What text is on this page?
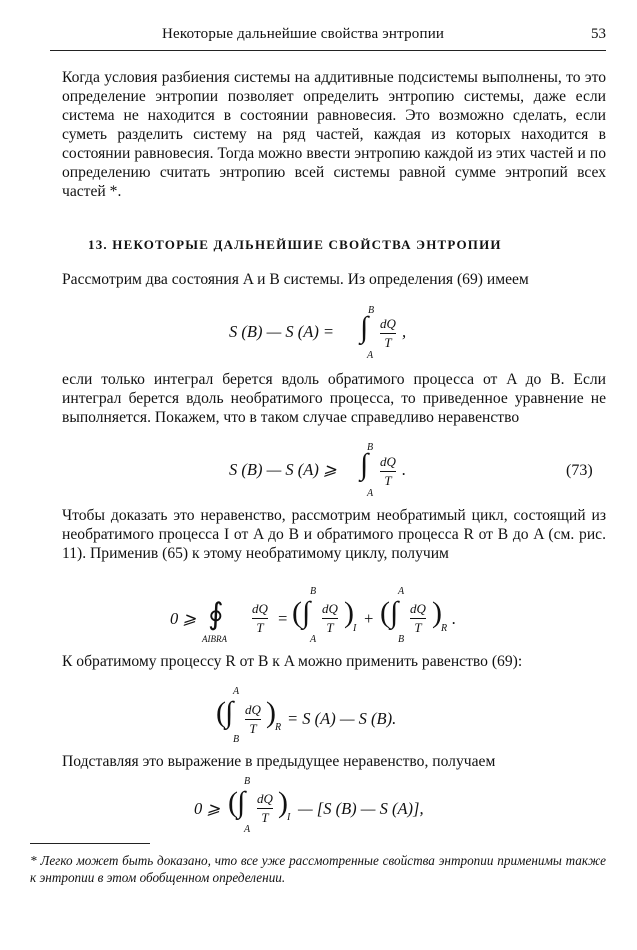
Некоторые дальнейшие свойства энтропии	53
Когда условия разбиения системы на аддитивные подсистемы выполнены, то это определение энтропии позволяет определить энтропию системы, даже если система не находится в состоянии равновесия. Это возможно сделать, если суметь разделить систему на ряд частей, каждая из которых находится в состоянии равновесия. Тогда можно ввести энтропию каждой из этих частей и по определению считать энтропию всей системы равной сумме энтропий всех частей *.
13. НЕКОТОРЫЕ ДАЛЬНЕЙШИЕ СВОЙСТВА ЭНТРОПИИ
Рассмотрим два состояния A и B системы. Из определения (69) имеем
S (B) — S (A) =
B
∫
A
dQ
T
,
если только интеграл берется вдоль обратимого процесса от A до B. Если интеграл берется вдоль необратимого процесса, то приведенное уравнение не выполняется. Покажем, что в таком случае справедливо неравенство
S (B) — S (A) ⩾
B
∫
A
dQ
T
.	(73)
Чтобы доказать это неравенство, рассмотрим необратимый цикл, состоящий из необратимого процесса I от A до B и обратимого процесса R от B до A (см. рис. 11). Применив (65) к этому необратимому циклу, получим
0 ⩾ ∮
AIBRA
dQ
T = (
B
∫
A
dQ
T ) I
+ (
A
∫
B
dQ
T ) R
.
К обратимому процессу R от B к A можно применить равенство (69):
(
A
∫
B
dQ
T ) R = S (A) — S (B).
Подставляя это выражение в предыдущее неравенство, получаем
0 ⩾ (
B
∫
A
dQ
T ) I — [S (B) — S (A)],
* Легко может быть доказано, что все уже рассмотренные свойства энтропии применимы также к энтропии в этом обобщенном определении.
